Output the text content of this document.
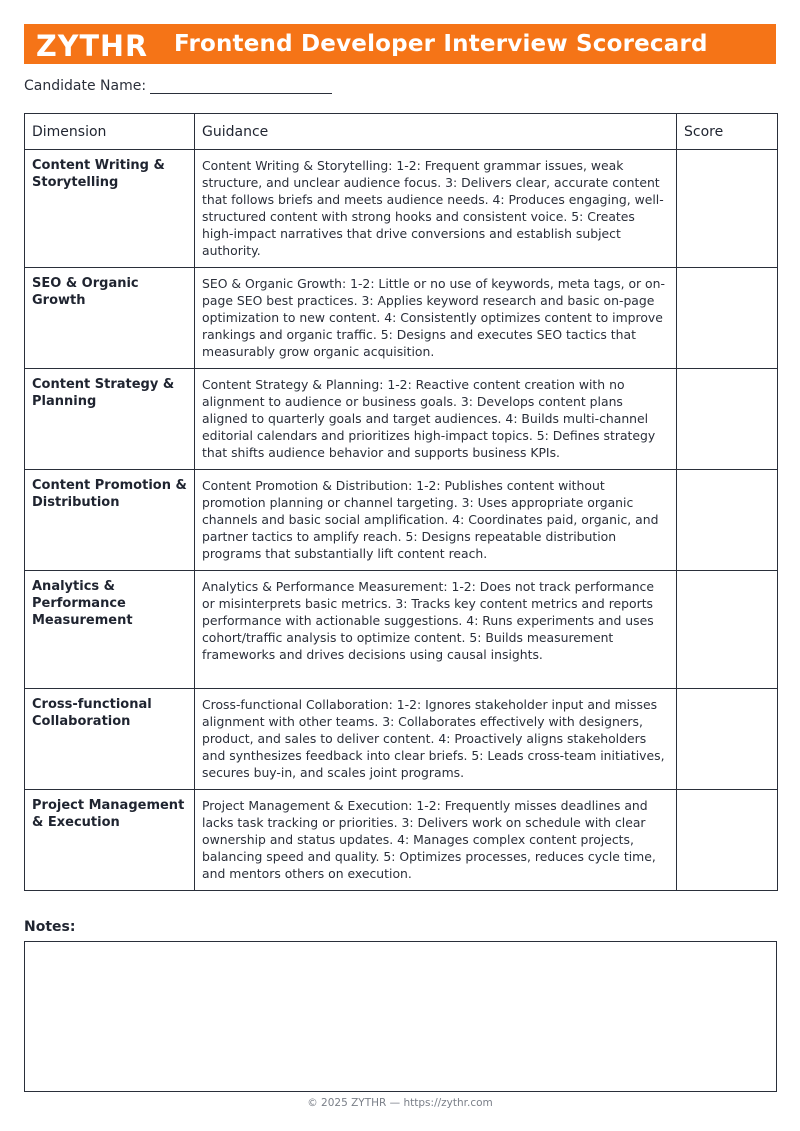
ZYTHR Frontend Developer Interview Scorecard
Candidate Name:
Dimension	Guidance	Score
Content Writing & Storytelling	Content Writing & Storytelling: 1-2: Frequent grammar issues, weak structure, and unclear audience focus. 3: Delivers clear, accurate content that follows briefs and meets audience needs. 4: Produces engaging, well-structured content with strong hooks and consistent voice. 5: Creates high-impact narratives that drive conversions and establish subject authority.	
SEO & Organic Growth	SEO & Organic Growth: 1-2: Little or no use of keywords, meta tags, or on-page SEO best practices. 3: Applies keyword research and basic on-page optimization to new content. 4: Consistently optimizes content to improve rankings and organic traffic. 5: Designs and executes SEO tactics that measurably grow organic acquisition.	
Content Strategy & Planning	Content Strategy & Planning: 1-2: Reactive content creation with no alignment to audience or business goals. 3: Develops content plans aligned to quarterly goals and target audiences. 4: Builds multi-channel editorial calendars and prioritizes high-impact topics. 5: Defines strategy that shifts audience behavior and supports business KPIs.	
Content Promotion & Distribution	Content Promotion & Distribution: 1-2: Publishes content without promotion planning or channel targeting. 3: Uses appropriate organic channels and basic social amplification. 4: Coordinates paid, organic, and partner tactics to amplify reach. 5: Designs repeatable distribution programs that substantially lift content reach.	
Analytics & Performance Measurement	Analytics & Performance Measurement: 1-2: Does not track performance or misinterprets basic metrics. 3: Tracks key content metrics and reports performance with actionable suggestions. 4: Runs experiments and uses cohort/traffic analysis to optimize content. 5: Builds measurement frameworks and drives decisions using causal insights.	
Cross-functional Collaboration	Cross-functional Collaboration: 1-2: Ignores stakeholder input and misses alignment with other teams. 3: Collaborates effectively with designers, product, and sales to deliver content. 4: Proactively aligns stakeholders and synthesizes feedback into clear briefs. 5: Leads cross-team initiatives, secures buy-in, and scales joint programs.	
Project Management & Execution	Project Management & Execution: 1-2: Frequently misses deadlines and lacks task tracking or priorities. 3: Delivers work on schedule with clear ownership and status updates. 4: Manages complex content projects, balancing speed and quality. 5: Optimizes processes, reduces cycle time, and mentors others on execution.	
Notes:
© 2025 ZYTHR — https://zythr.com
